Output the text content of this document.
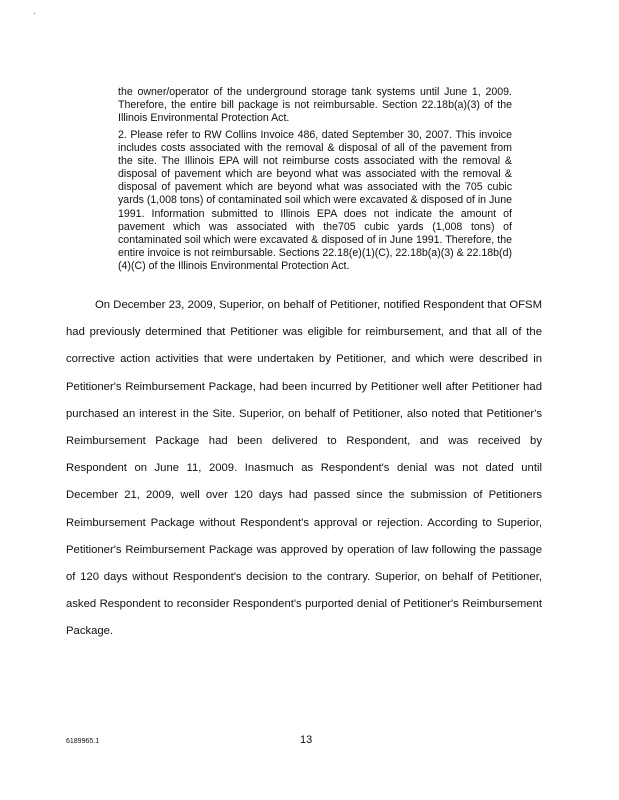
the owner/operator of the underground storage tank systems until June 1, 2009. Therefore, the entire bill package is not reimbursable. Section 22.18b(a)(3) of the Illinois Environmental Protection Act.

2. Please refer to RW Collins Invoice 486, dated September 30, 2007. This invoice includes costs associated with the removal & disposal of all of the pavement from the site. The Illinois EPA will not reimburse costs associated with the removal & disposal of pavement which are beyond what was associated with the removal & disposal of pavement which are beyond what was associated with the 705 cubic yards (1,008 tons) of contaminated soil which were excavated & disposed of in June 1991. Information submitted to Illinois EPA does not indicate the amount of pavement which was associated with the705 cubic yards (1,008 tons) of contaminated soil which were excavated & disposed of in June 1991. Therefore, the entire invoice is not reimbursable. Sections 22.18(e)(1)(C), 22.18b(a)(3) & 22.18b(d)(4)(C) of the Illinois Environmental Protection Act.

On December 23, 2009, Superior, on behalf of Petitioner, notified Respondent that OFSM had previously determined that Petitioner was eligible for reimbursement, and that all of the corrective action activities that were undertaken by Petitioner, and which were described in Petitioner's Reimbursement Package, had been incurred by Petitioner well after Petitioner had purchased an interest in the Site. Superior, on behalf of Petitioner, also noted that Petitioner's Reimbursement Package had been delivered to Respondent, and was received by Respondent on June 11, 2009. Inasmuch as Respondent's denial was not dated until December 21, 2009, well over 120 days had passed since the submission of Petitioners Reimbursement Package without Respondent's approval or rejection. According to Superior, Petitioner's Reimbursement Package was approved by operation of law following the passage of 120 days without Respondent's decision to the contrary. Superior, on behalf of Petitioner, asked Respondent to reconsider Respondent's purported denial of Petitioner's Reimbursement Package.

6189965.1	13
